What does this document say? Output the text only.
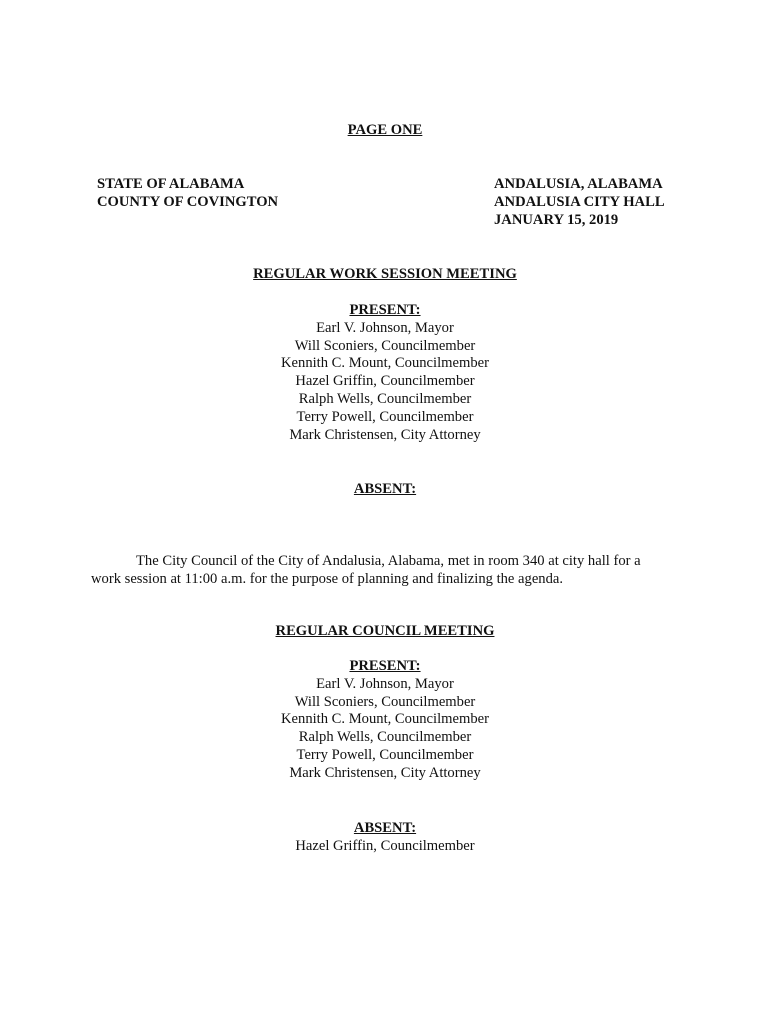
PAGE ONE
STATE OF ALABAMA
COUNTY OF COVINGTON
ANDALUSIA, ALABAMA
ANDALUSIA CITY HALL
JANUARY 15, 2019
REGULAR WORK SESSION MEETING
PRESENT:
Earl V. Johnson, Mayor
Will Sconiers, Councilmember
Kennith C. Mount, Councilmember
Hazel Griffin, Councilmember
Ralph Wells, Councilmember
Terry Powell, Councilmember
Mark Christensen, City Attorney
ABSENT:
The City Council of the City of Andalusia, Alabama, met in room 340 at city hall for a
work session at 11:00 a.m. for the purpose of planning and finalizing the agenda.
REGULAR COUNCIL MEETING
PRESENT:
Earl V. Johnson, Mayor
Will Sconiers, Councilmember
Kennith C. Mount, Councilmember
Ralph Wells, Councilmember
Terry Powell, Councilmember
Mark Christensen, City Attorney
ABSENT:
Hazel Griffin, Councilmember
